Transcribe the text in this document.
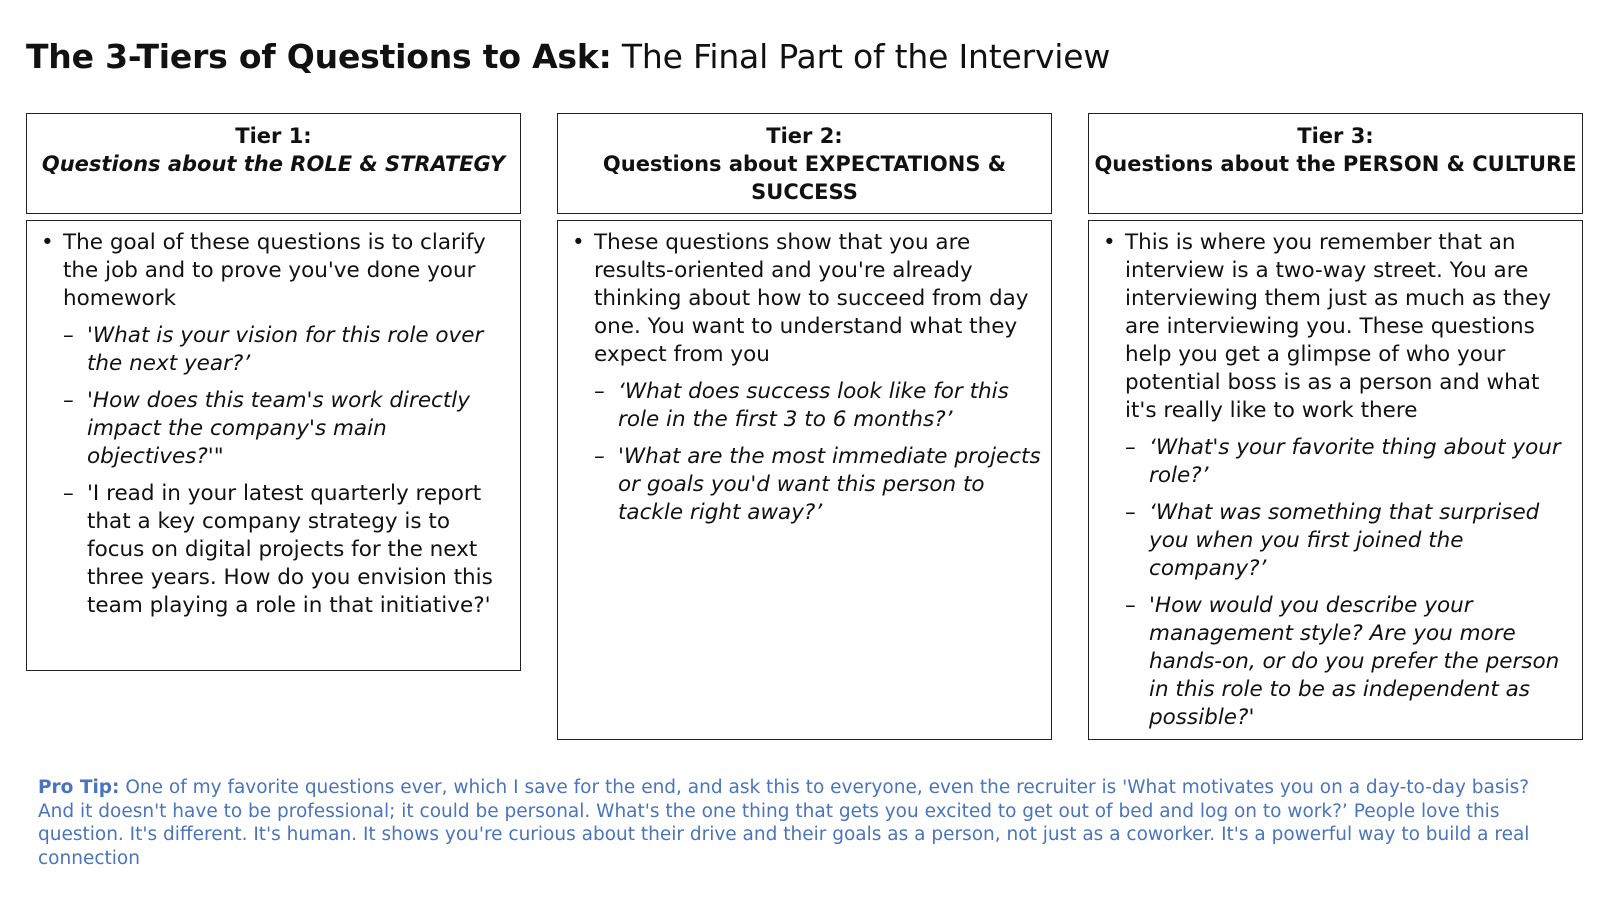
The 3-Tiers of Questions to Ask: The Final Part of the Interview
Tier 1:
Questions about the ROLE & STRATEGY
• The goal of these questions is to clarify the job and to prove you've done your homework
– 'What is your vision for this role over the next year?’
– 'How does this team's work directly impact the company's main objectives?'"
– 'I read in your latest quarterly report that a key company strategy is to focus on digital projects for the next three years. How do you envision this team playing a role in that initiative?'
Tier 2:
Questions about EXPECTATIONS & SUCCESS
• These questions show that you are results-oriented and you're already thinking about how to succeed from day one. You want to understand what they expect from you
– ‘What does success look like for this role in the first 3 to 6 months?’
– 'What are the most immediate projects or goals you'd want this person to tackle right away?’
Tier 3:
Questions about the PERSON & CULTURE
• This is where you remember that an interview is a two-way street. You are interviewing them just as much as they are interviewing you. These questions help you get a glimpse of who your potential boss is as a person and what it's really like to work there
– ‘What's your favorite thing about your role?’
– ‘What was something that surprised you when you first joined the company?’
– 'How would you describe your management style? Are you more hands-on, or do you prefer the person in this role to be as independent as possible?'
Pro Tip: One of my favorite questions ever, which I save for the end, and ask this to everyone, even the recruiter is 'What motivates you on a day-to-day basis? And it doesn't have to be professional; it could be personal. What's the one thing that gets you excited to get out of bed and log on to work?’ People love this question. It's different. It's human. It shows you're curious about their drive and their goals as a person, not just as a coworker. It's a powerful way to build a real connection
